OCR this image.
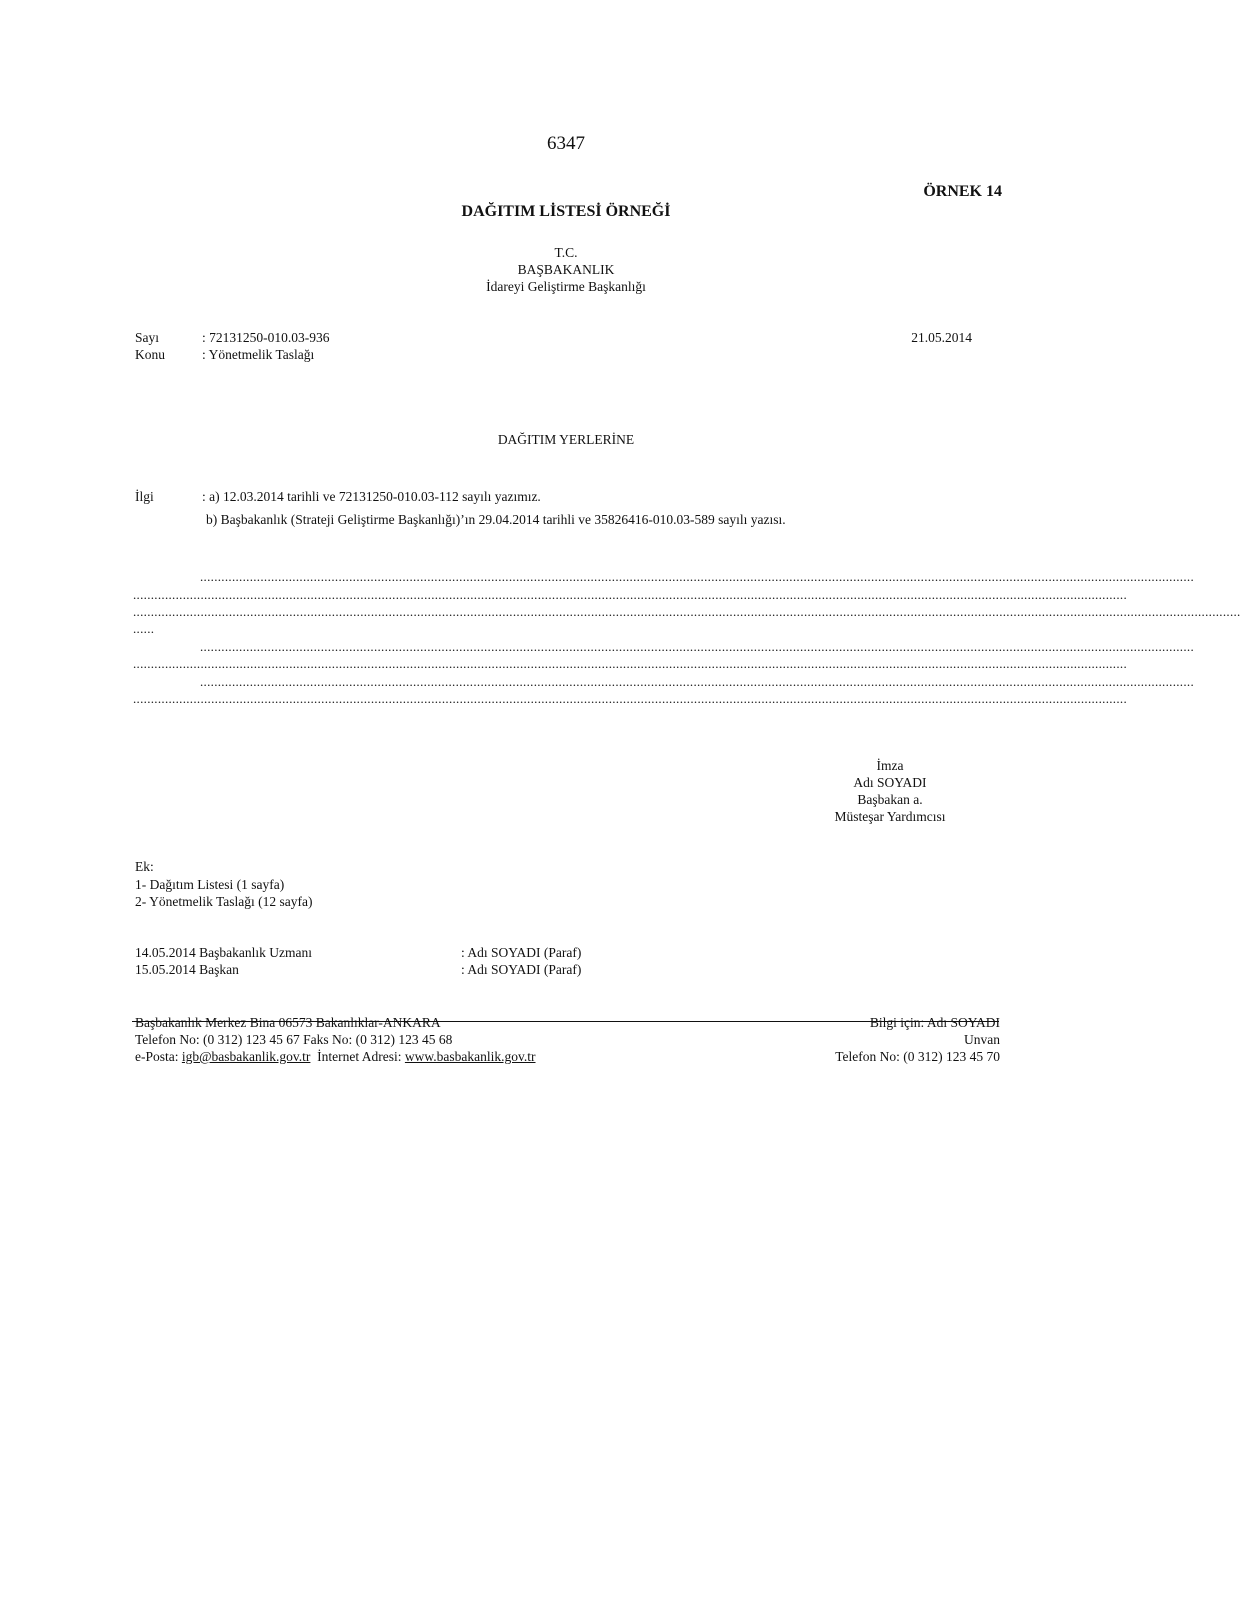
6347
ÖRNEK 14
DAĞITIM LİSTESİ ÖRNEĞİ
T.C.
BAŞBAKANLIK
İdareyi Geliştirme Başkanlığı
Sayı	: 72131250-010.03-936	21.05.2014
Konu	: Yönetmelik Taslağı
DAĞITIM YERLERİNE
İlgi	: a) 12.03.2014 tarihli ve 72131250-010.03-112 sayılı yazımız.
b) Başbakanlık (Strateji Geliştirme Başkanlığı)’ın 29.04.2014 tarihli ve 35826416-010.03-589 sayılı yazısı.
........................................................................................................................................................................................................................................................................................
........................................................................................................................................................................................................................................................................................
........................................................................................................................................................................................................................................................................................................................
......
........................................................................................................................................................................................................................................................................................
........................................................................................................................................................................................................................................................................................
........................................................................................................................................................................................................................................................................................
........................................................................................................................................................................................................................................................................................
İmza
Adı SOYADI
Başbakan a.
Müsteşar Yardımcısı
Ek:
1- Dağıtım Listesi (1 sayfa)
2- Yönetmelik Taslağı (12 sayfa)
14.05.2014 Başbakanlık Uzmanı	: Adı SOYADI (Paraf)
15.05.2014 Başkan	: Adı SOYADI (Paraf)
Başbakanlık Merkez Bina 06573 Bakanlıklar-ANKARA
Telefon No: (0 312) 123 45 67 Faks No: (0 312) 123 45 68
e-Posta: igb@basbakanlik.gov.tr İnternet Adresi: www.basbakanlik.gov.tr
Bilgi için: Adı SOYADI
Unvan
Telefon No: (0 312) 123 45 70
